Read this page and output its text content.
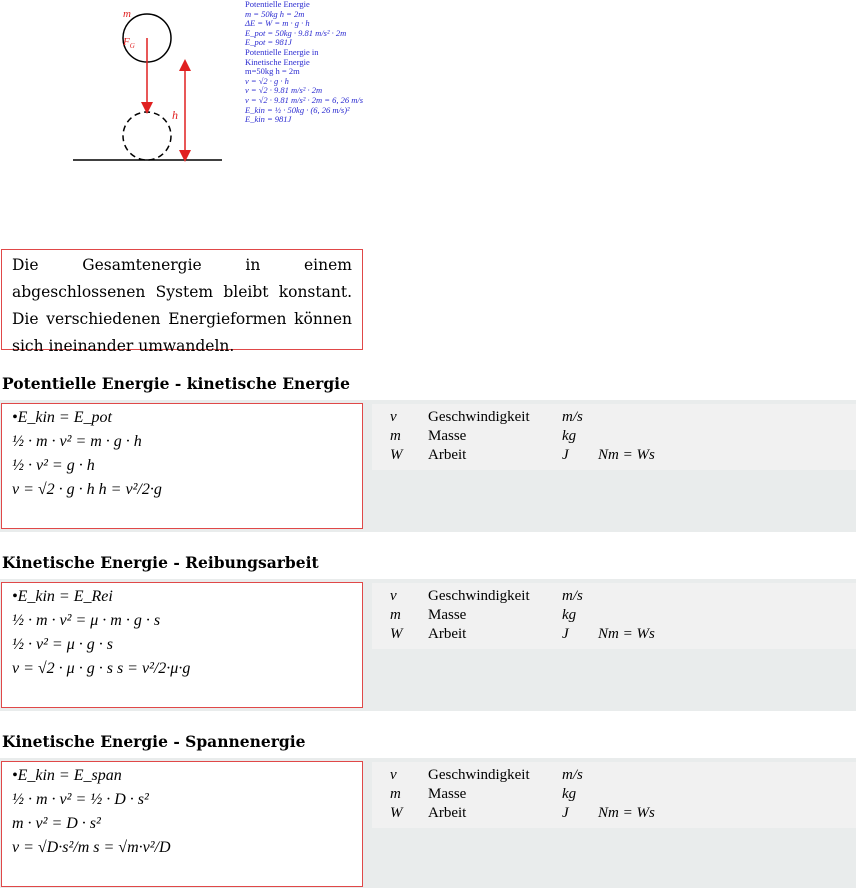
m
$F_G$
h
Potentielle Energie
m = 50kg h = 2m
ΔE = W = m · g · h
E_pot = 50kg · 9.81 m/s² · 2m
E_pot = 981J
Potentielle Energie in
Kinetische Energie
m=50kg h = 2m
v = √2 · g · h
v = √2 · 9.81 m/s² · 2m
v = √2 · 9.81 m/s² · 2m = 6, 26 m/s
E_kin = ½ · 50kg · (6, 26 m/s)²
E_kin = 981J
Die Gesamtenergie in einem abgeschlossenen System bleibt konstant. Die verschiedenen Energieformen können sich ineinander umwandeln.
Potentielle Energie - kinetische Energie
•E_kin = E_pot
½ · m · v² = m · g · h
½ · v² = g · h
v = √2 · g · h h = v²/2·g
v Geschwindigkeit m/s
m Masse	kg
W Arbeit	J Nm = Ws
Kinetische Energie - Reibungsarbeit
•E_kin = E_Rei
½ · m · v² = μ · m · g · s
½ · v² = μ · g · s
v = √2 · μ · g · s s = v²/2·μ·g
v Geschwindigkeit m/s
m Masse	kg
W Arbeit	J Nm = Ws
Kinetische Energie - Spannenergie
•E_kin = E_span
½ · m · v² = ½ · D · s²
m · v² = D · s²
v = √D·s²/m s = √m·v²/D
v Geschwindigkeit m/s
m Masse	kg
W Arbeit	J Nm = Ws
